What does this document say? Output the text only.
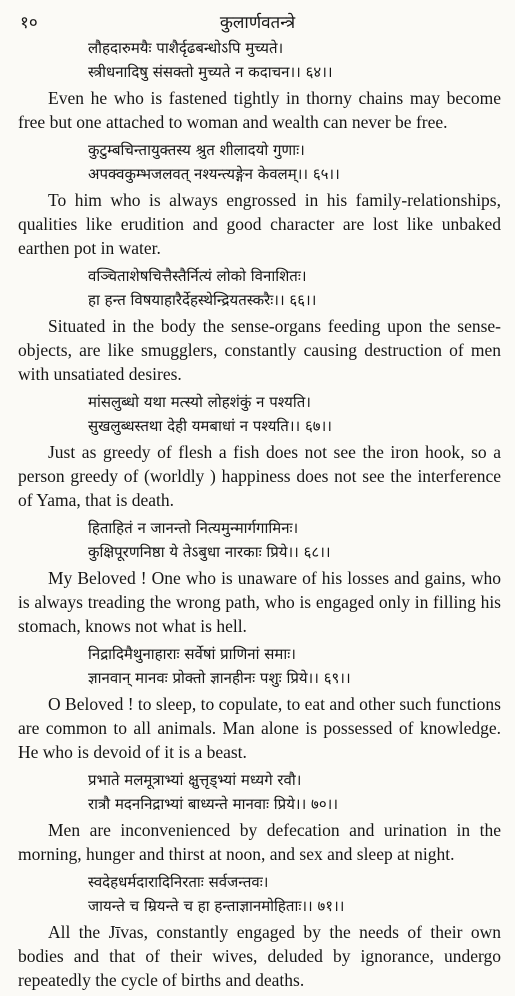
१०	कुलार्णवतन्त्रे
लौहदारुमयैः पाशैर्दृढबन्धोऽपि मुच्यते।
स्त्रीधनादिषु संसक्तो मुच्यते न कदाचन।। ६४।।

Even he who is fastened tightly in thorny chains may become free but one attached to woman and wealth can never be free.

कुटुम्बचिन्तायुक्तस्य श्रुत शीलादयो गुणाः।
अपक्वकुम्भजलवत् नश्यन्त्यङ्गेन केवलम्।। ६५।।

To him who is always engrossed in his family-relationships, qualities like erudition and good character are lost like unbaked earthen pot in water.

वञ्चिताशेषचित्तैस्तैर्नित्यं लोको विनाशितः।
हा हन्त विषयाहारैर्देहस्थेन्द्रियतस्करैः।। ६६।।

Situated in the body the sense-organs feeding upon the sense-objects, are like smugglers, constantly causing destruction of men with unsatiated desires.

मांसलुब्धो यथा मत्स्यो लोहशंकुं न पश्यति।
सुखलुब्धस्तथा देही यमबाधां न पश्यति।। ६७।।

Just as greedy of flesh a fish does not see the iron hook, so a person greedy of (worldly ) happiness does not see the interference of Yama, that is death.

हिताहितं न जानन्तो नित्यमुन्मार्गगामिनः।
कुक्षिपूरणनिष्ठा ये तेऽबुधा नारकाः प्रिये।। ६८।।

My Beloved ! One who is unaware of his losses and gains, who is always treading the wrong path, who is engaged only in filling his stomach, knows not what is hell.

निद्रादिमैथुनाहाराः सर्वेषां प्राणिनां समाः।
ज्ञानवान् मानवः प्रोक्तो ज्ञानहीनः पशुः प्रिये।। ६९।।

O Beloved ! to sleep, to copulate, to eat and other such functions are common to all animals. Man alone is possessed of knowledge. He who is devoid of it is a beast.

प्रभाते मलमूत्राभ्यां क्षुत्तृड्भ्यां मध्यगे रवौ।
रात्रौ मदननिद्राभ्यां बाध्यन्ते मानवाः प्रिये।। ७०।।

Men are inconvenienced by defecation and urination in the morning, hunger and thirst at noon, and sex and sleep at night.

स्वदेहधर्मदारादिनिरताः सर्वजन्तवः।
जायन्ते च म्रियन्ते च हा हन्ताज्ञानमोहिताः।। ७१।।

All the Jīvas, constantly engaged by the needs of their own bodies and that of their wives, deluded by ignorance, undergo repeatedly the cycle of births and deaths.
